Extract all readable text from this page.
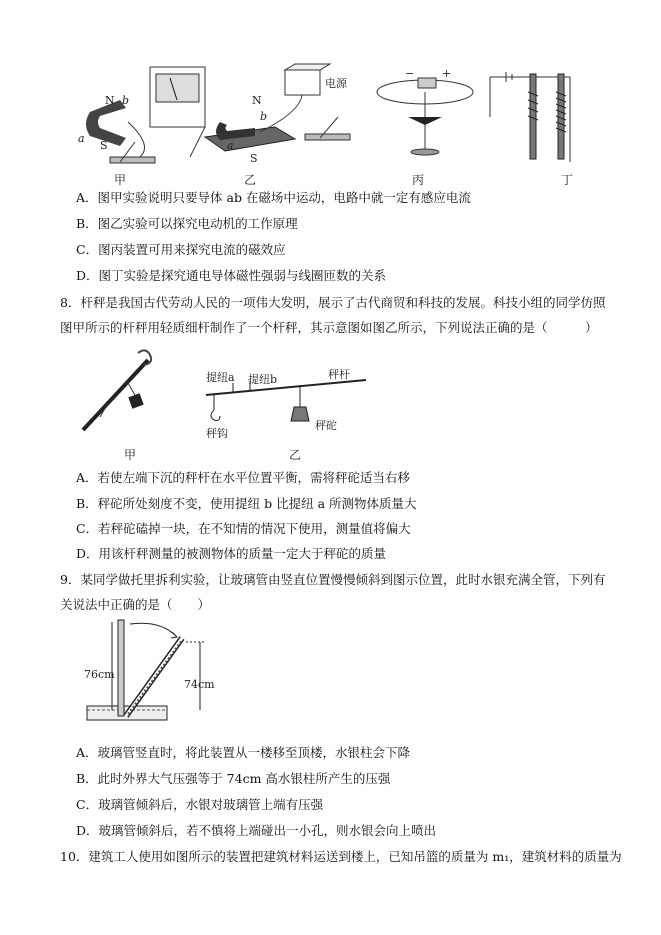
N b
a
S
N
b
a
S
电源
−	+
甲	乙	丙	丁
A．图甲实验说明只要导体 ab 在磁场中运动，电路中就一定有感应电流
B．图乙实验可以探究电动机的工作原理
C．图丙装置可用来探究电流的磁效应
D．图丁实验是探究通电导体磁性强弱与线圈匝数的关系
8．杆秤是我国古代劳动人民的一项伟大发明，展示了古代商贸和科技的发展。科技小组的同学仿照
图甲所示的杆秤用轻质细杆制作了一个杆秤，其示意图如图乙所示，下列说法正确的是（　　　）
提纽a 提纽b	秤杆
秤钩
秤砣
甲	乙
A．若使左端下沉的秤杆在水平位置平衡，需将秤砣适当右移
B．秤砣所处刻度不变，使用提纽 b 比提纽 a 所测物体质量大
C．若秤砣磕掉一块，在不知情的情况下使用，测量值将偏大
D．用该杆秤测量的被测物体的质量一定大于秤砣的质量
9．某同学做托里拆利实验，让玻璃管由竖直位置慢慢倾斜到图示位置，此时水银充满全管，下列有
关说法中正确的是（　　）
76cm
74cm
A．玻璃管竖直时，将此装置从一楼移至顶楼，水银柱会下降
B．此时外界大气压强等于 74cm 高水银柱所产生的压强
C．玻璃管倾斜后，水银对玻璃管上端有压强
D．玻璃管倾斜后，若不慎将上端碰出一小孔，则水银会向上喷出
10．建筑工人使用如图所示的装置把建筑材料运送到楼上，已知吊篮的质量为 m₁，建筑材料的质量为
